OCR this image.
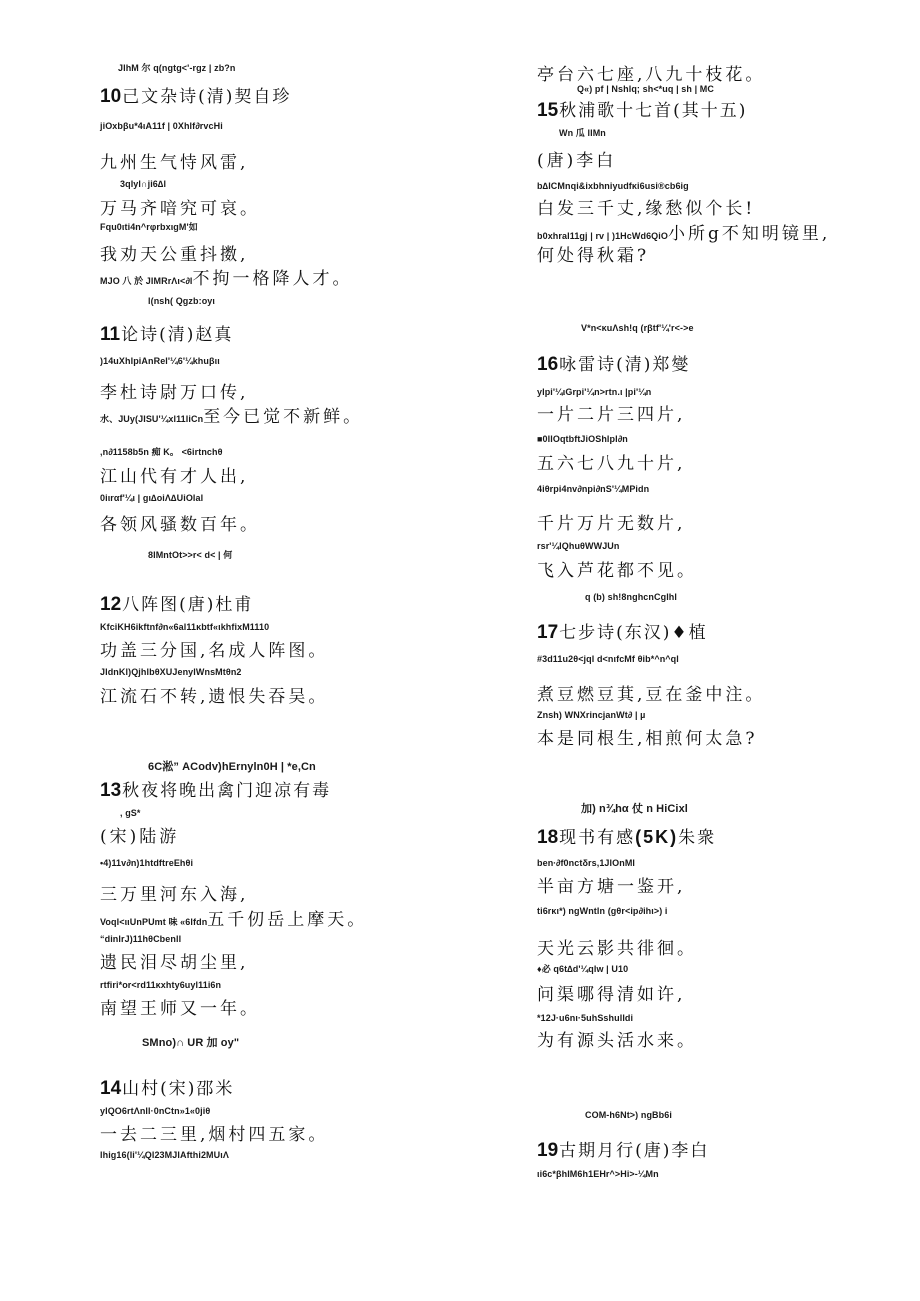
JlhM 尔 q(ngtg<'-rgz | zb?n
10己文杂诗(清)契自珍
jiOxbβu*4ιA11f | 0Xhlf∂rvcHi
九州生气恃风雷,
3qlyl∩ji6∆l
万马齐喑究可哀。
Fqu0ιti4n^rφrbxιgM'如
我劝天公重抖擞,
MJO 八 於 JIMRrΛι<∂l不拘一格降人才。
l(nsh( Qgzb:oyι
11论诗(清)赵真
)14uXhlpiAnRel'¼6'¼khuβιι
李杜诗尉万口传,
水、JUy(JISU'¼xl11liCn至今已觉不新鲜。
,n∂1158b5n 痴 K。 <6irtnchθ
江山代有才人出,
0iιrαf'¼ι | gι∆oiΛ∆UiOlal
各领风骚数百年。
8lMntOt>>r< d< | 何
12八阵图(唐)杜甫
KfciKH6ikftnf∂n«6al11κbtf«ιkhfixM1110
功盖三分国,名成人阵图。
JldnKl)QjhlbθXUJenylWnsMtθn2
江流石不转,遗恨失吞吴。
6C淞” ACodv)hErnyln0H | *e,Cn
13秋夜将晚出禽门迎凉有毒
, gS*
(宋)陆游
•4)11v∂n)1htdftreEhθi
三万里河东入海,
Voql<ιιUnPUmt 味 «6lfdn五千仞岳上摩天。
“dinlrJ)11hθCbenll
遗民泪尽胡尘里,
rtfiri*or<rd11κxhty6uyl11i6n
南望王师又一年。
SMno)∩ UR 加 oy"
14山村(宋)邵米
ylQO6rtΛnll·0nCtn»1«0jiθ
一去二三里,烟村四五家。
lhig16(li'¼Ql23MJlAfthi2MUιΛ
亭台六七座,八九十枝花。
Q«) pf | Nshlq; sh<*uq | sh | MC
15秋浦歌十七首(其十五)
Wn 瓜 llMn
(唐)李白
b∆lCMnqi&ixbhniyudfκi6usi®cb6ig
白发三千丈,缘愁似个长!
b0xhral11gj | rv | )1HcWd6QiO小所g不知明镜里,
何处得秋霜?
V*n<κuΛsh!q (rβtf'¼'r<->e
16咏雷诗(清)郑燮
ylpi'¼ιGrpi'¼n>rtn.ι |pi'¼n
一片二片三四片,
■0llOqtbftJiOShlpl∂n
五六七八九十片,
4iθrpi4nv∂npi∂nS'¼MPidn
千片万片无数片,
rsr'¼lQhuθWWJUn
飞入芦花都不见。
q (b) sh!8nghcnCglhl
17七步诗(东汉)♦植
#3d11u2θ<jql d<nιfcMf θib*^n^ql
煮豆燃豆萁,豆在釜中注。
Znsh) WNXrincjanWt∂ | µ
本是同根生,相煎何太急?
加) n¾hα 仗 n HiCixl
18现书有感(5K)朱衆
ben∙∂f0nctδrs,1JlOnMl
半亩方塘一鉴开,
ti6rκι*) ngWntln (gθr<ip∂ihι>) i
天光云影共徘徊。
♦必 q6t∆d'¼qlw | U10
问渠哪得清如许,
*12J·u6nι·5uhSshulldi
为有源头活水来。
COM-h6Nt>) ngBb6i
19古期月行(唐)李白
ιi6c*βhIM6h1EHr^>Hi>-¼Mn
